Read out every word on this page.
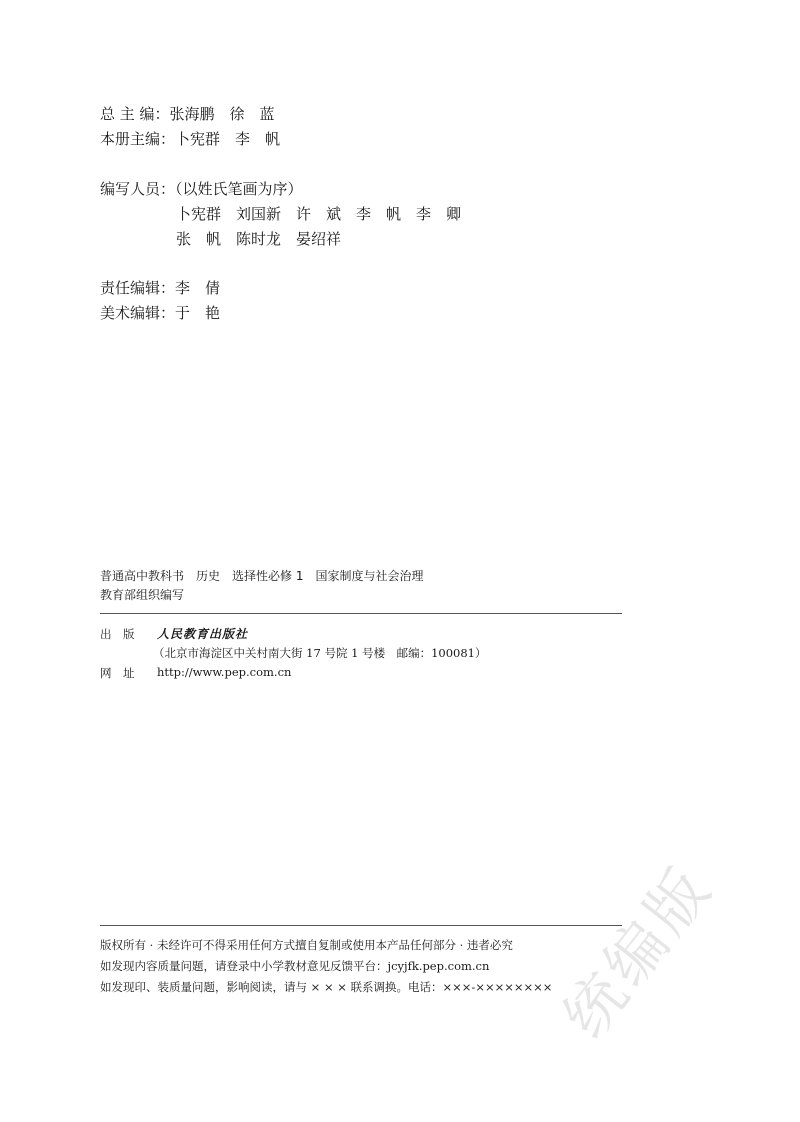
总 主 编：张海鹏　徐　蓝
本册主编：卜宪群　李　帆
编写人员：（以姓氏笔画为序）
卜宪群　刘国新　许　斌　李　帆　李　卿
张　帆　陈时龙　晏绍祥
责任编辑：李　倩
美术编辑：于　艳
普通高中教科书　历史　选择性必修 1　国家制度与社会治理
教育部组织编写
出　版 人民教育出版社
（北京市海淀区中关村南大街 17 号院 1 号楼　邮编：100081）
网　址 http://www.pep.com.cn
版权所有 · 未经许可不得采用任何方式擅自复制或使用本产品任何部分 · 违者必究
如发现内容质量问题，请登录中小学教材意见反馈平台：jcyjfk.pep.com.cn
如发现印、装质量问题，影响阅读，请与 × × × 联系调换。电话：×××-××××××××
统编版
